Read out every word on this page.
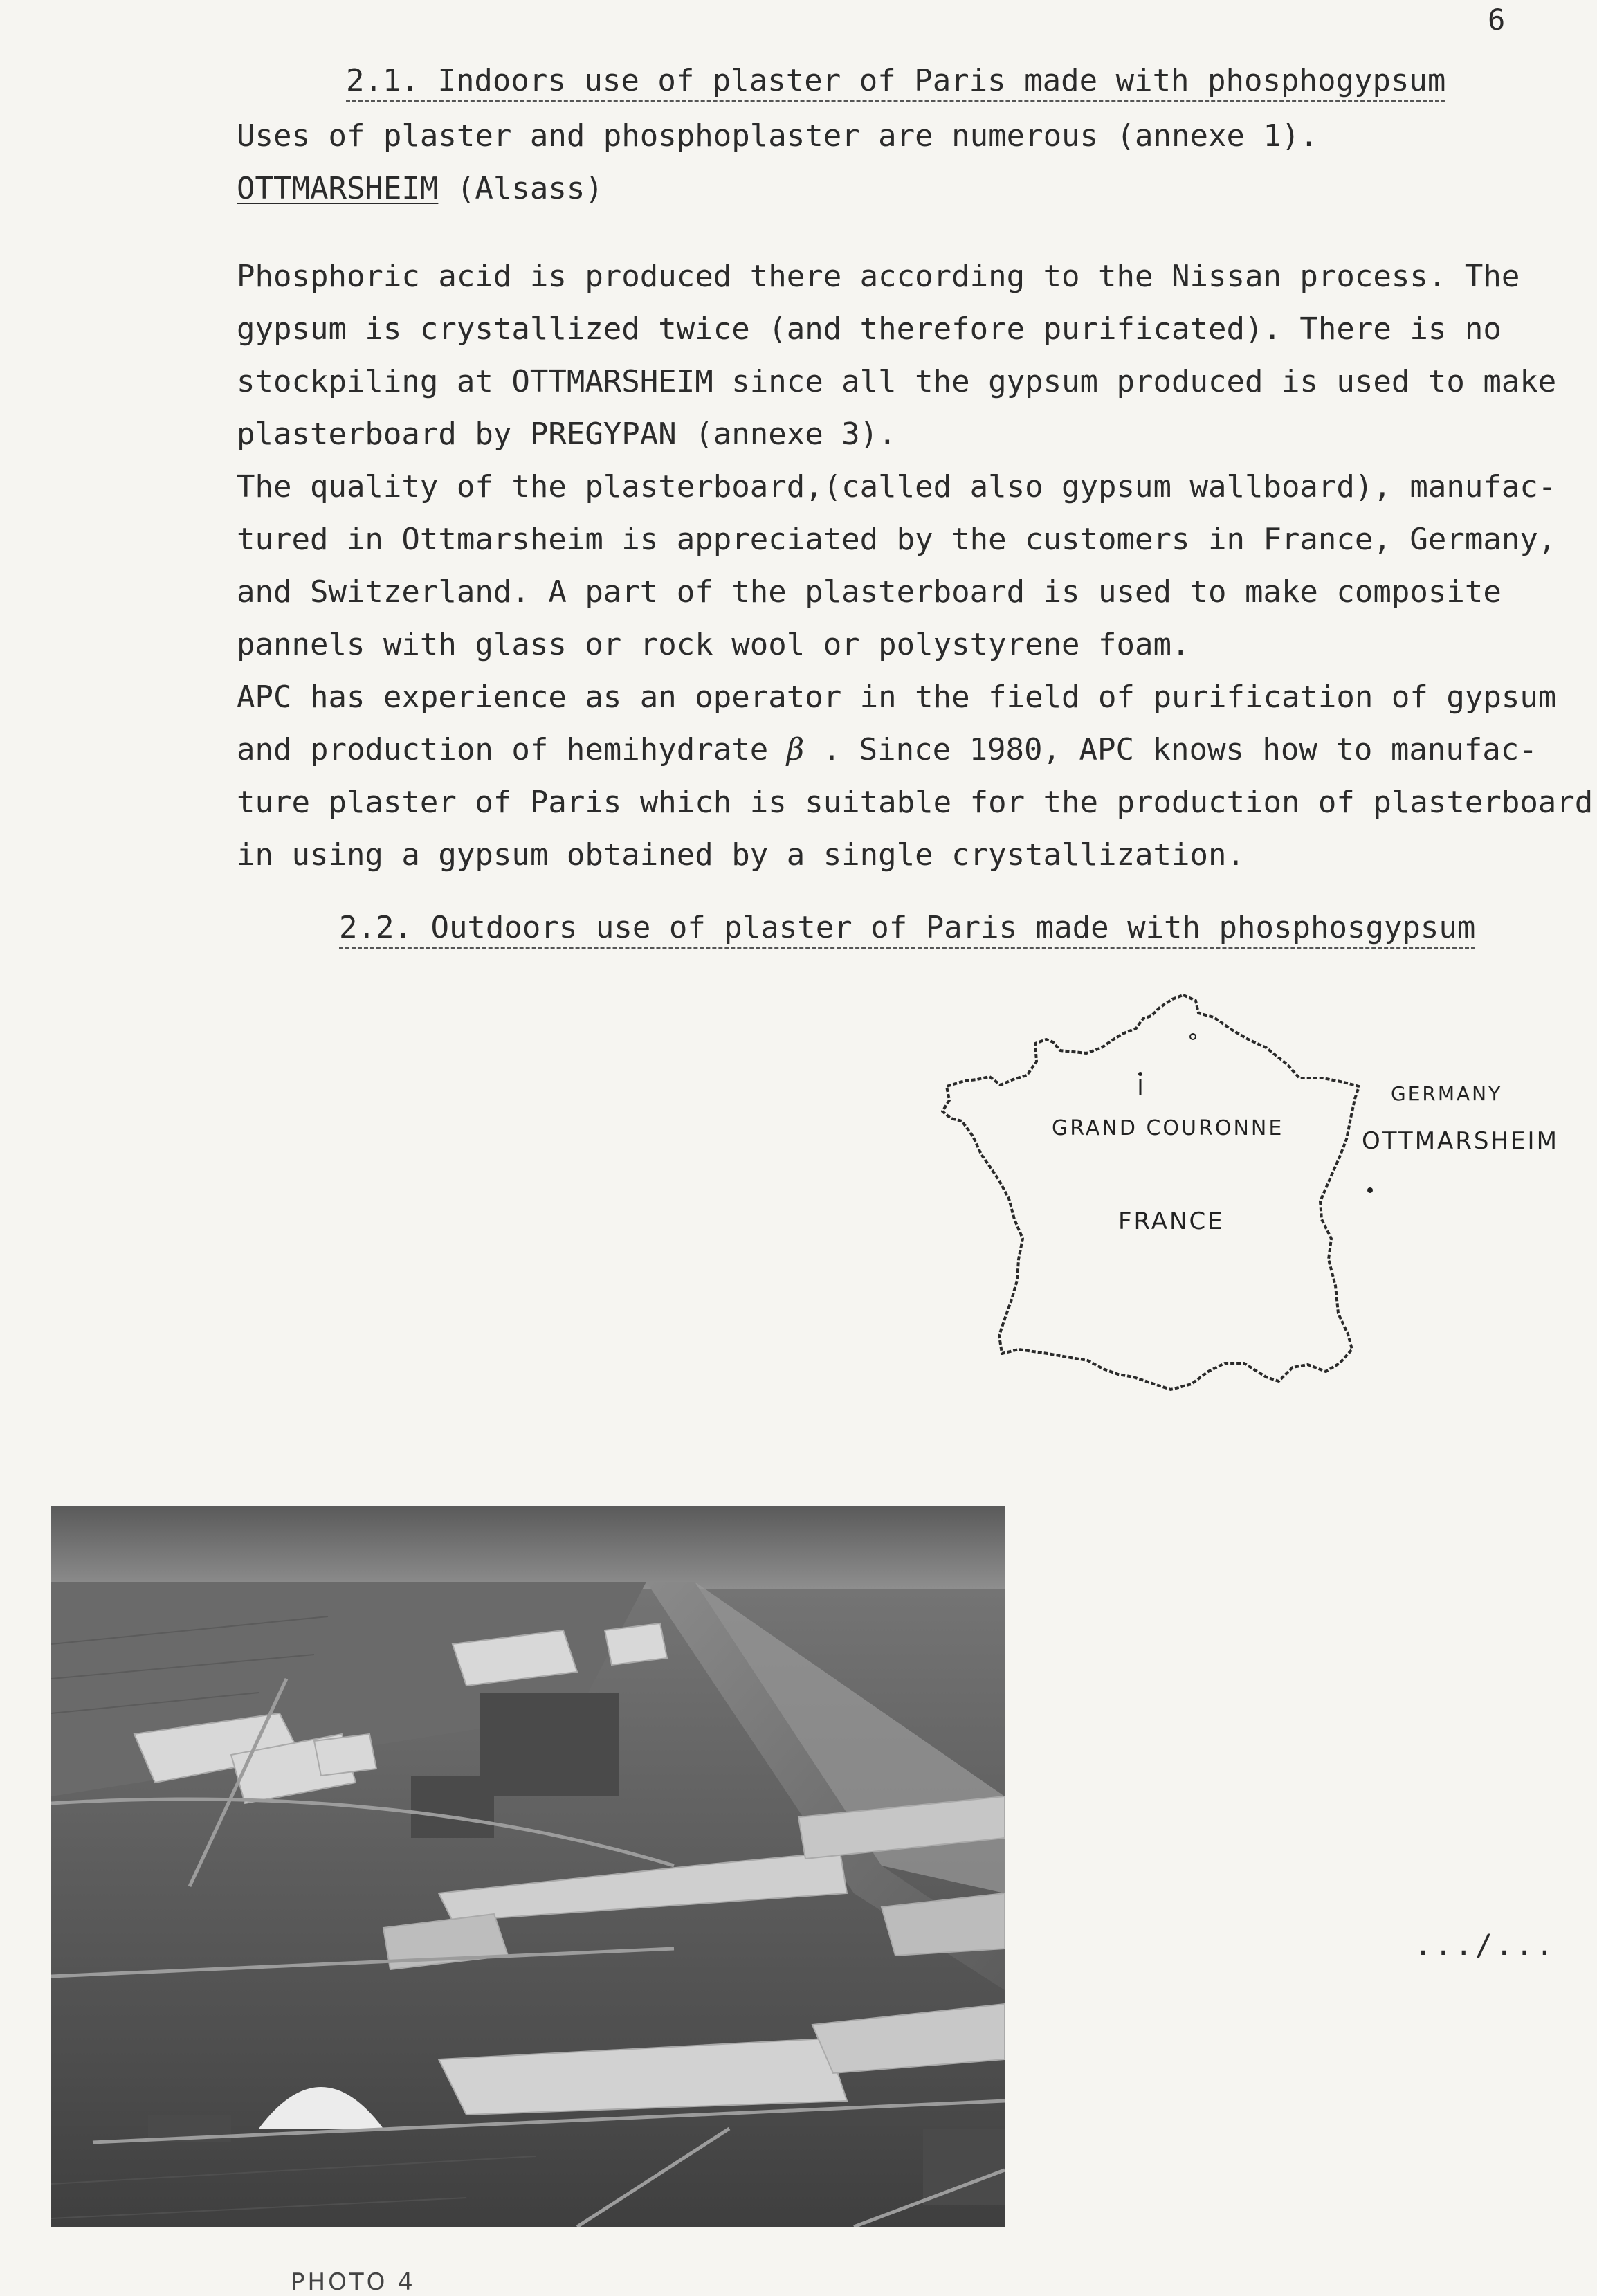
6
2.1. Indoors use of plaster of Paris made with phosphogypsum
Uses of plaster and phosphoplaster are numerous (annexe 1).
OTTMARSHEIM (Alsass)
Phosphoric acid is produced there according to the Nissan process. The
gypsum is crystallized twice (and therefore purificated). There is no
stockpiling at OTTMARSHEIM since all the gypsum produced is used to make
plasterboard by PREGYPAN (annexe 3).
The quality of the plasterboard,(called also gypsum wallboard), manufac-
tured in Ottmarsheim is appreciated by the customers in France, Germany,
and Switzerland. A part of the plasterboard is used to make composite
pannels with glass or rock wool or polystyrene foam.
APC has experience as an operator in the field of purification of gypsum
and production of hemihydrate β . Since 1980, APC knows how to manufac-
ture plaster of Paris which is suitable for the production of plasterboard
in using a gypsum obtained by a single crystallization.
2.2. Outdoors use of plaster of Paris made with phosphosgypsum
GERMANY
GRAND COURONNE	OTTMARSHEIM
FRANCE
PHOTO 4
.../...
